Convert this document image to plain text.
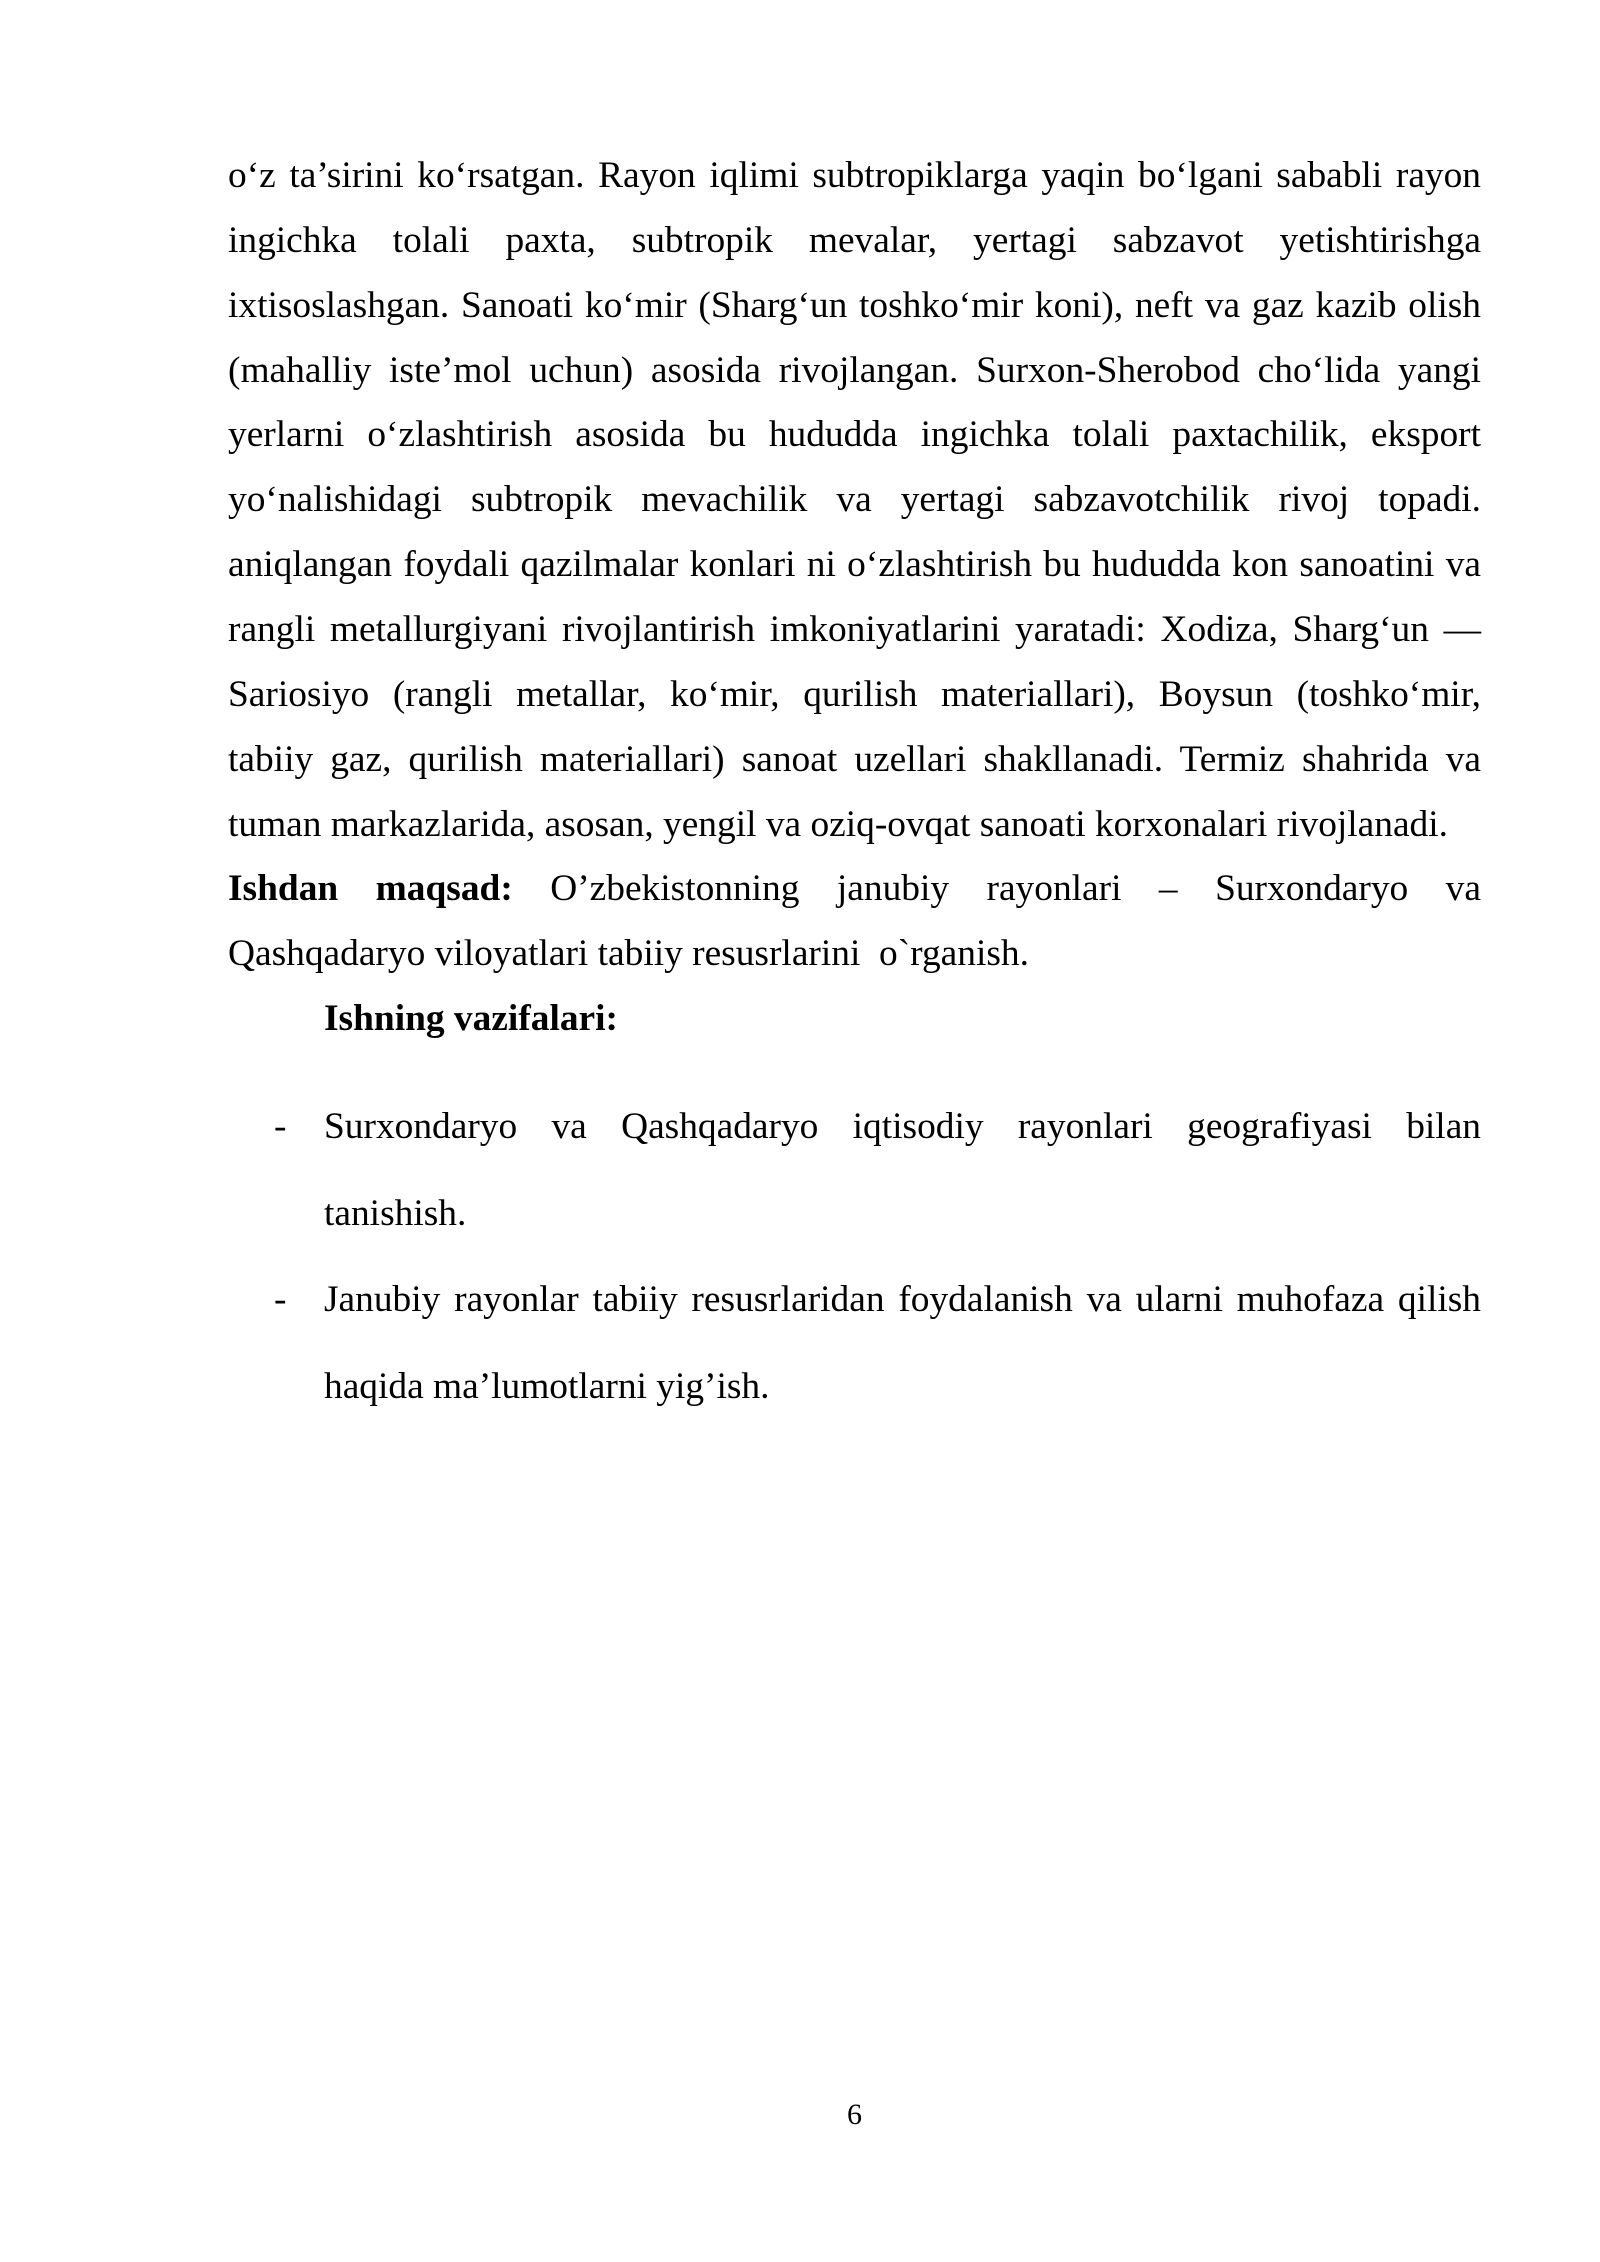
o‘z ta’sirini ko‘rsatgan. Rayon iqlimi subtropiklarga yaqin bo‘lgani sababli rayon
ingichka tolali paxta, subtropik mevalar, yertagi sabzavot yetishtirishga
ixtisoslashgan. Sanoati ko‘mir (Sharg‘un toshko‘mir koni), neft va gaz kazib olish
(mahalliy iste’mol uchun) asosida rivojlangan. Surxon-Sherobod cho‘lida yangi
yerlarni o‘zlashtirish asosida bu hududda ingichka tolali paxtachilik, eksport
yo‘nalishidagi subtropik mevachilik va yertagi sabzavotchilik rivoj topadi.
aniqlangan foydali qazilmalar konlari ni o‘zlashtirish bu hududda kon sanoatini va
rangli metallurgiyani rivojlantirish imkoniyatlarini yaratadi: Xodiza, Sharg‘un —
Sariosiyo (rangli metallar, ko‘mir, qurilish materiallari), Boysun (toshko‘mir,
tabiiy gaz, qurilish materiallari) sanoat uzellari shakllanadi. Termiz shahrida va
tuman markazlarida, asosan, yengil va oziq-ovqat sanoati korxonalari rivojlanadi.
Ishdan maqsad: O’zbekistonning janubiy rayonlari – Surxondaryo va
Qashqadaryo viloyatlari tabiiy resusrlarini  o`rganish.
Ishning vazifalari:
- Surxondaryo va Qashqadaryo iqtisodiy rayonlari geografiyasi bilan
tanishish.
- Janubiy rayonlar tabiiy resusrlaridan foydalanish va ularni muhofaza qilish
haqida ma’lumotlarni yig’ish.
6
